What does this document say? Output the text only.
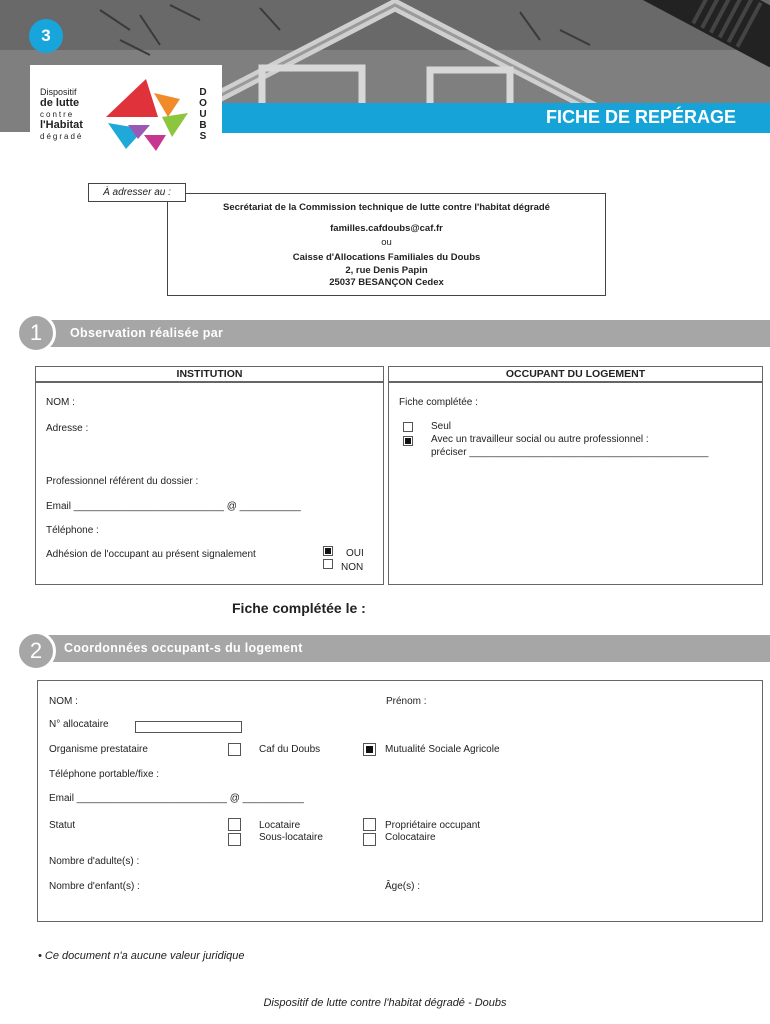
3
FICHE DE REPÉRAGE
Dispositif
de lutte
contre
l'Habitat
dégradé
D
O
U
B
S
Secrétariat de la Commission technique de lutte contre l'habitat dégradé
familles.cafdoubs@caf.fr
ou
Caisse d'Allocations Familiales du Doubs
2, rue Denis Papin
25037 BESANÇON Cedex
À adresser au :
Observation réalisée par
1
INSTITUTION
NOM :
Adresse :
Professionnel référent du dossier :
Email ___________________________ @ ___________
Téléphone :
Adhésion de l'occupant au présent signalement	OUI
NON
OCCUPANT DU LOGEMENT
Fiche complétée :
Seul
Avec un travailleur social ou autre professionnel :
préciser ___________________________________________
Fiche complétée le :
Coordonnées occupant-s du logement
2
NOM :	Prénom :
N° allocataire
Organisme prestataire	Caf du Doubs	Mutualité Sociale Agricole
Téléphone portable/fixe :
Email ___________________________ @ ___________
Statut	Locataire
Sous-locataire
Propriétaire occupant
Colocataire
Nombre d'adulte(s) :
Nombre d'enfant(s) :	Âge(s) :
• Ce document n'a aucune valeur juridique
Dispositif de lutte contre l'habitat dégradé - Doubs
